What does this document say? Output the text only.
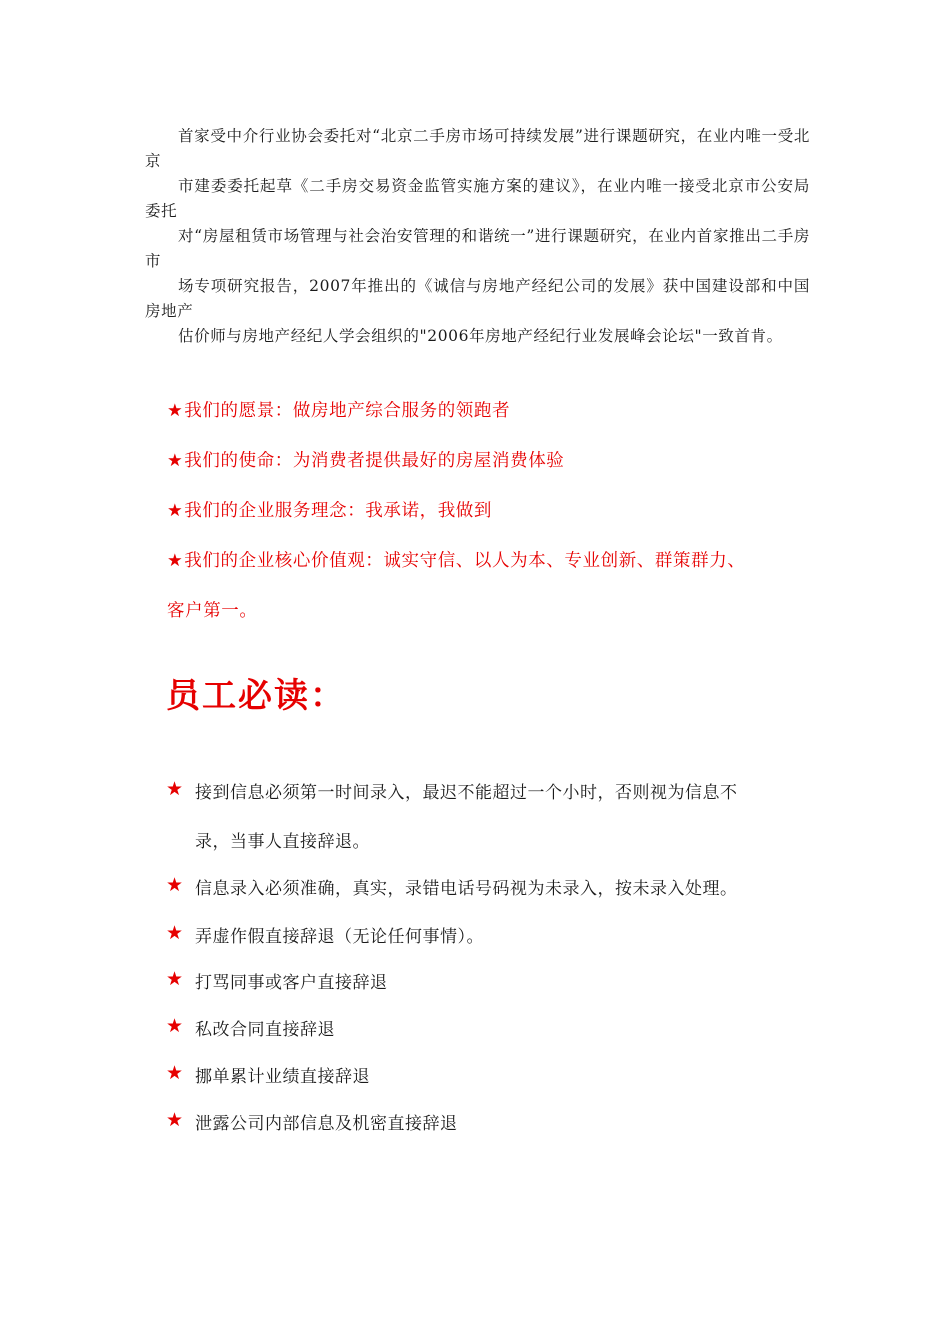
首家受中介行业协会委托对“北京二手房市场可持续发展”进行课题研究，在业内唯一受北京

市建委委托起草《二手房交易资金监管实施方案的建议》，在业内唯一接受北京市公安局委托

对“房屋租赁市场管理与社会治安管理的和谐统一”进行课题研究，在业内首家推出二手房市

场专项研究报告，2007年推出的《诚信与房地产经纪公司的发展》获中国建设部和中国房地产

估价师与房地产经纪人学会组织的"2006年房地产经纪行业发展峰会论坛"一致首肯。

★我们的愿景：做房地产综合服务的领跑者
★我们的使命：为消费者提供最好的房屋消费体验
★我们的企业服务理念：我承诺，我做到
★我们的企业核心价值观：诚实守信、以人为本、专业创新、群策群力、
客户第一。
员工必读：
★ 接到信息必须第一时间录入，最迟不能超过一个小时，否则视为信息不
录，当事人直接辞退。
★ 信息录入必须准确，真实，录错电话号码视为未录入，按未录入处理。
★ 弄虚作假直接辞退（无论任何事情）。
★ 打骂同事或客户直接辞退
★ 私改合同直接辞退
★ 挪单累计业绩直接辞退
★ 泄露公司内部信息及机密直接辞退
